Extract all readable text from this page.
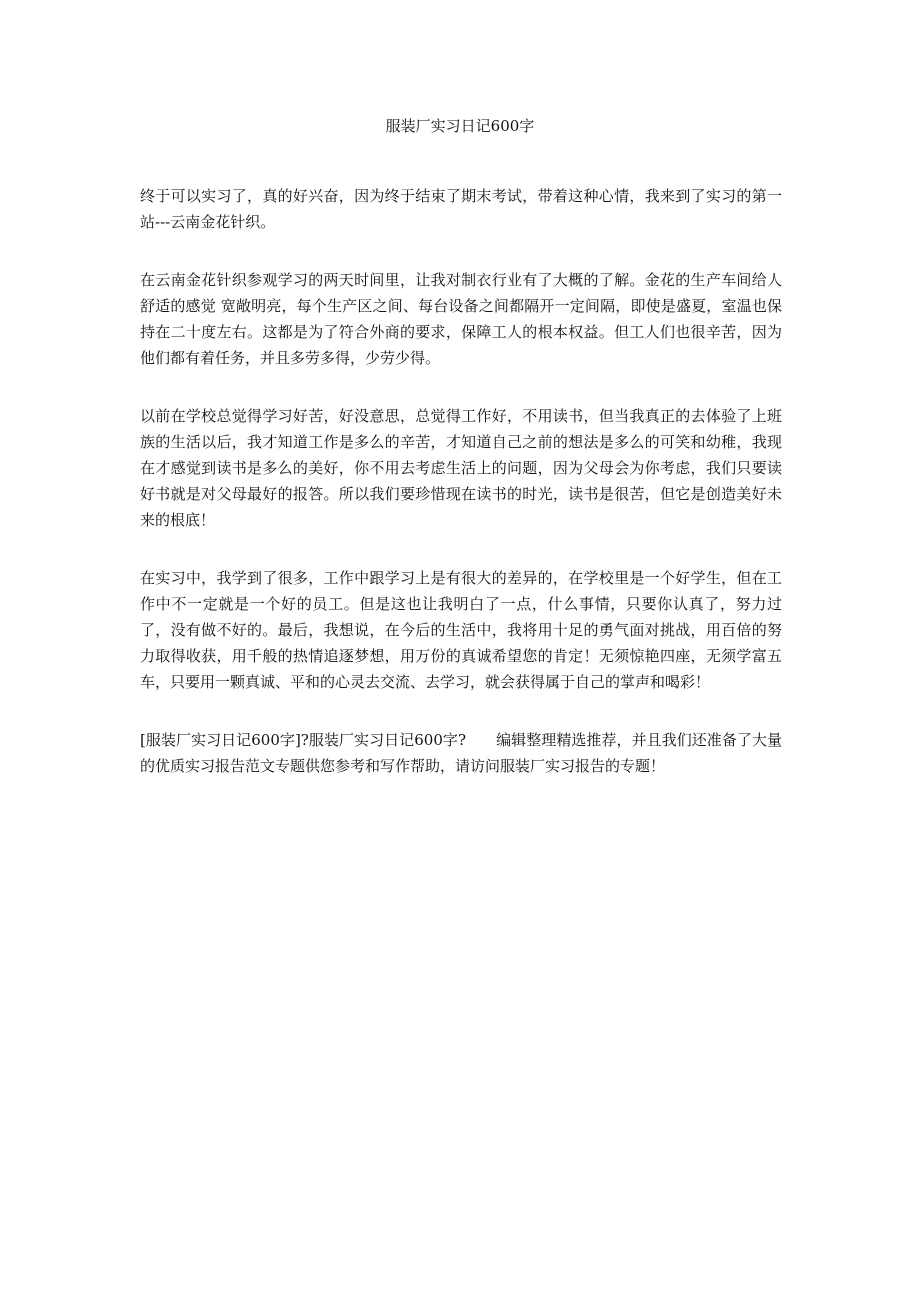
服装厂实习日记600字

终于可以实习了，真的好兴奋，因为终于结束了期末考试，带着这种心情，我来到了实习的第一站---云南金花针织。

在云南金花针织参观学习的两天时间里，让我对制衣行业有了大概的了解。金花的生产车间给人舒适的感觉 宽敞明亮，每个生产区之间、每台设备之间都隔开一定间隔，即使是盛夏，室温也保持在二十度左右。这都是为了符合外商的要求，保障工人的根本权益。但工人们也很辛苦，因为他们都有着任务，并且多劳多得，少劳少得。

以前在学校总觉得学习好苦，好没意思，总觉得工作好，不用读书，但当我真正的去体验了上班族的生活以后，我才知道工作是多么的辛苦，才知道自己之前的想法是多么的可笑和幼稚，我现在才感觉到读书是多么的美好，你不用去考虑生活上的问题，因为父母会为你考虑，我们只要读好书就是对父母最好的报答。所以我们要珍惜现在读书的时光，读书是很苦，但它是创造美好未来的根底！

在实习中，我学到了很多，工作中跟学习上是有很大的差异的，在学校里是一个好学生，但在工作中不一定就是一个好的员工。但是这也让我明白了一点，什么事情，只要你认真了，努力过了，没有做不好的。最后，我想说，在今后的生活中，我将用十足的勇气面对挑战，用百倍的努力取得收获，用千般的热情追逐梦想，用万份的真诚希望您的肯定！无须惊艳四座，无须学富五车，只要用一颗真诚、平和的心灵去交流、去学习，就会获得属于自己的掌声和喝彩！

[服装厂实习日记600字]?服装厂实习日记600字?　　编辑整理精选推荐，并且我们还准备了大量的优质实习报告范文专题供您参考和写作帮助，请访问服装厂实习报告的专题！
